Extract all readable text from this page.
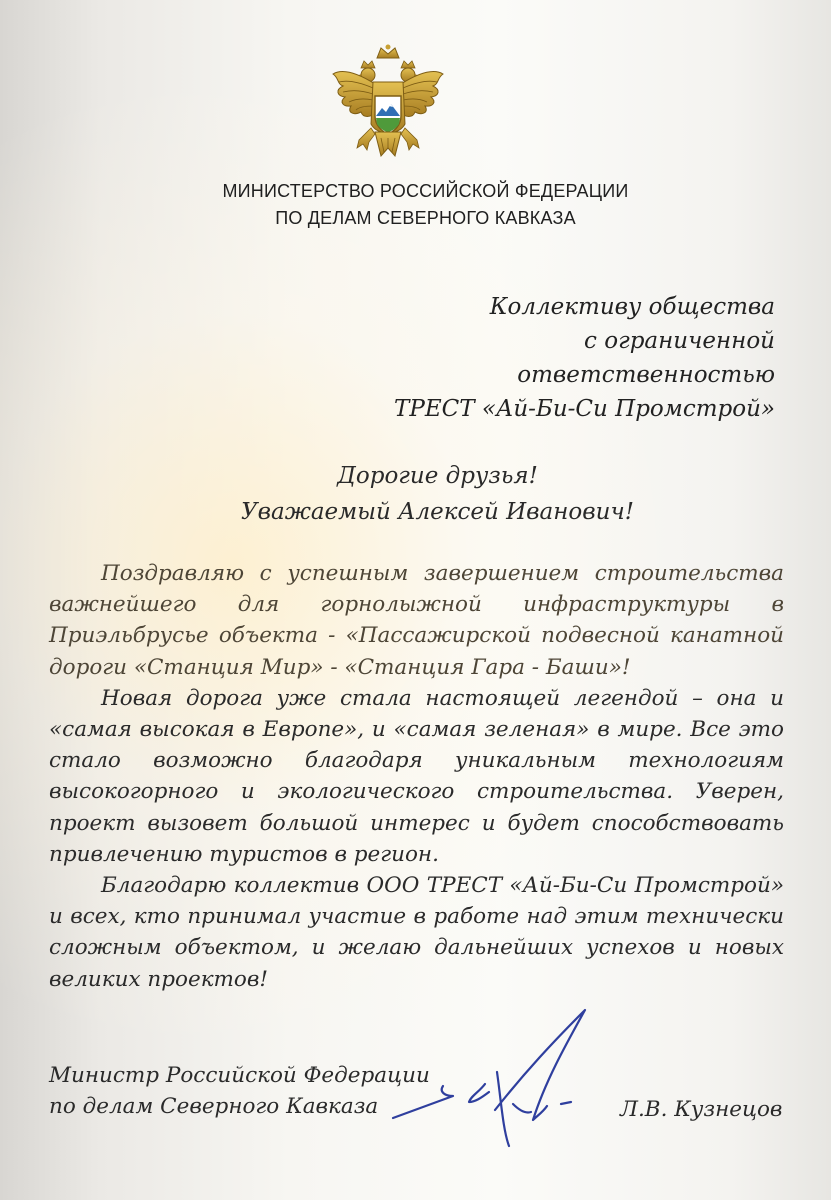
МИНИСТЕРСТВО РОССИЙСКОЙ ФЕДЕРАЦИИ
ПО ДЕЛАМ СЕВЕРНОГО КАВКАЗА
Коллективу общества
с ограниченной ответственностью
ТРЕСТ «Ай-Би-Си Промстрой»
Дорогие друзья!
Уважаемый Алексей Иванович!

Поздравляю с успешным завершением строительства важнейшего для горнолыжной инфраструктуры в Приэльбрусье объекта - «Пассажирской подвесной канатной дороги «Станция Мир» - «Станция Гара - Баши»!

Новая дорога уже стала настоящей легендой – она и «самая высокая в Европе», и «самая зеленая» в мире. Все это стало возможно благодаря уникальным технологиям высокогорного и экологического строительства. Уверен, проект вызовет большой интерес и будет способствовать привлечению туристов в регион.

Благодарю коллектив ООО ТРЕСТ «Ай-Би-Си Промстрой» и всех, кто принимал участие в работе над этим технически сложным объектом, и желаю дальнейших успехов и новых великих проектов!

Министр Российской Федерации
по делам Северного Кавказа	Л.В. Кузнецов
